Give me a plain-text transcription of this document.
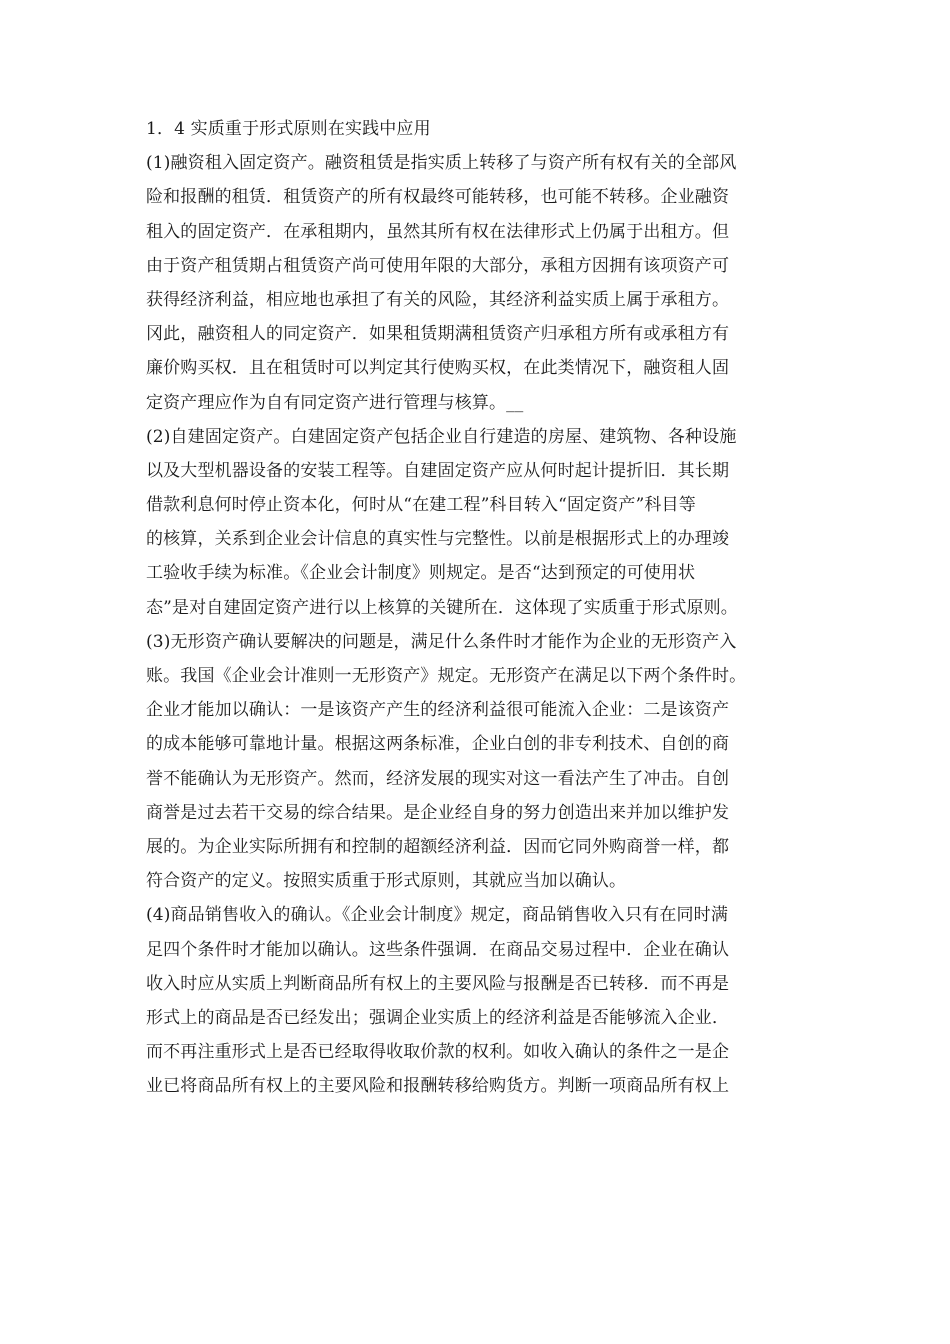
1．4 实质重于形式原则在实践中应用
(1)融资租入固定资产。融资租赁是指实质上转移了与资产所有权有关的全部风
险和报酬的租赁．租赁资产的所有权最终可能转移，也可能不转移。企业融资
租入的固定资产．在承租期内，虽然其所有权在法律形式上仍属于出租方。但
由于资产租赁期占租赁资产尚可使用年限的大部分，承租方因拥有该项资产可
获得经济利益，相应地也承担了有关的风险，其经济利益实质上属于承租方。
冈此，融资租人的同定资产．如果租赁期满租赁资产归承租方所有或承租方有
廉价购买权．且在租赁时可以判定其行使购买权，在此类情况下，融资租人固
定资产理应作为自有同定资产进行管理与核算。__
(2)自建固定资产。白建固定资产包括企业自行建造的房屋、建筑物、各种设施
以及大型机器设备的安装工程等。自建固定资产应从何时起计提折旧．其长期
借款利息何时停止资本化，何时从“在建工程”科目转入“固定资产”科目等
的核算，关系到企业会计信息的真实性与完整性。以前是根据形式上的办理竣
工验收手续为标准。《企业会计制度》则规定。是否“达到预定的可使用状
态”是对自建固定资产进行以上核算的关键所在．这体现了实质重于形式原则。
(3)无形资产确认要解决的问题是，满足什么条件时才能作为企业的无形资产入
账。我国《企业会计准则一无形资产》规定。无形资产在满足以下两个条件时。
企业才能加以确认：一是该资产产生的经济利益很可能流入企业：二是该资产
的成本能够可靠地计量。根据这两条标准，企业白创的非专利技术、自创的商
誉不能确认为无形资产。然而，经济发展的现实对这一看法产生了冲击。自创
商誉是过去若干交易的综合结果。是企业经自身的努力创造出来并加以维护发
展的。为企业实际所拥有和控制的超额经济利益．因而它同外购商誉一样，都
符合资产的定义。按照实质重于形式原则，其就应当加以确认。
(4)商品销售收入的确认。《企业会计制度》规定，商品销售收入只有在同时满
足四个条件时才能加以确认。这些条件强调．在商品交易过程中．企业在确认
收入时应从实质上判断商品所有权上的主要风险与报酬是否已转移．而不再是
形式上的商品是否已经发出；强调企业实质上的经济利益是否能够流入企业．
而不再注重形式上是否已经取得收取价款的权利。如收入确认的条件之一是企
业已将商品所有权上的主要风险和报酬转移给购货方。判断一项商品所有权上
